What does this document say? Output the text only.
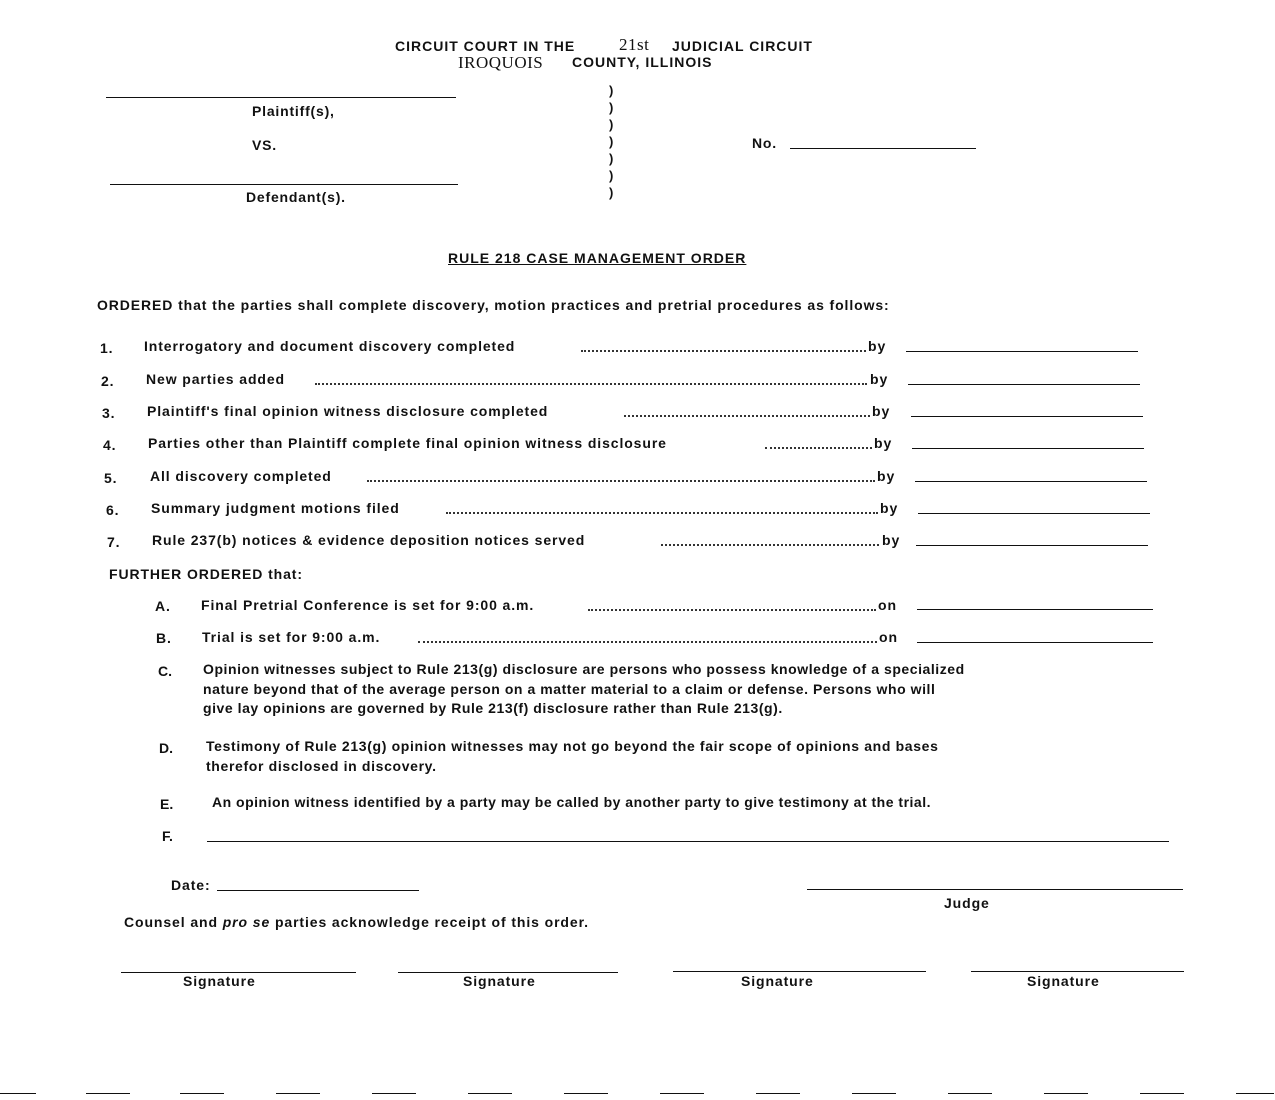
CIRCUIT COURT IN THE	21st JUDICIAL CIRCUIT
IROQUOIS COUNTY, ILLINOIS
Plaintiff(s),
VS.
Defendant(s).
)
)
)
)
)
)
)
No.
RULE 218 CASE MANAGEMENT ORDER
ORDERED that the parties shall complete discovery, motion practices and pretrial procedures as follows:
1. Interrogatory and document discovery completed	by
2. New parties added	by
3. Plaintiff's final opinion witness disclosure completed	by
4. Parties other than Plaintiff complete final opinion witness disclosure	by
5. All discovery completed	by
6. Summary judgment motions filed	by
7. Rule 237(b) notices & evidence deposition notices served	by
FURTHER ORDERED that:
A. Final Pretrial Conference is set for 9:00 a.m.	on
B. Trial is set for 9:00 a.m.	on
C. Opinion witnesses subject to Rule 213(g) disclosure are persons who possess knowledge of a specialized
nature beyond that of the average person on a matter material to a claim or defense. Persons who will
give lay opinions are governed by Rule 213(f) disclosure rather than Rule 213(g).
D. Testimony of Rule 213(g) opinion witnesses may not go beyond the fair scope of opinions and bases
therefor disclosed in discovery.
E.	An opinion witness identified by a party may be called by another party to give testimony at the trial.
F.
Date:
Judge
Counsel and pro se parties acknowledge receipt of this order.
Signature	Signature	Signature	Signature
